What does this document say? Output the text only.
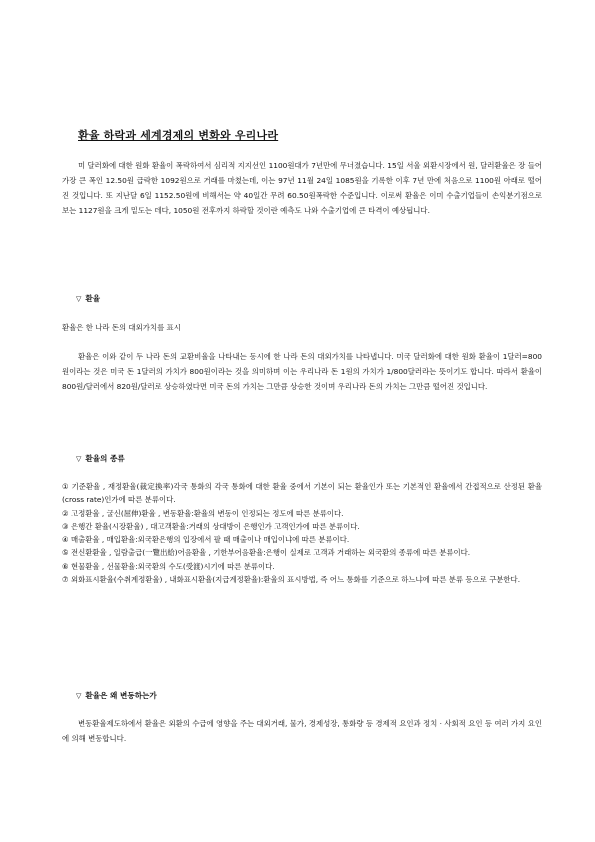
환율 하락과 세계경제의 변화와 우리나라

미 달러화에 대한 원화 환율이 폭락하여서 심리적 지지선인 1100원대가 7년만에 무너졌습니다. 15일 서울 외환시장에서 원, 달러환율은 장 들어 가장 큰 폭인 12.50원 급락한 1092원으로 거래를 마쳤는데, 이는 97년 11월 24일 1085원을 기록한 이후 7년 만에 처음으로 1100원 아래로 떨어진 것입니다. 또 지난달 6일 1152.50원에 비해서는 약 40일간 무려 60.50원폭락한 수준입니다. 이로써 환율은 이미 수출기업들이 손익분기점으로 보는 1127원을 크게 밑도는 데다, 1050원 전후까지 하락할 것이란 예측도 나와 수출기업에 큰 타격이 예상됩니다.

▽ 환율

환율은 한 나라 돈의 대외가치를 표시

환율은 이와 같이 두 나라 돈의 교환비율을 나타내는 동시에 한 나라 돈의 대외가치를 나타냅니다. 미국 달러화에 대한 원화 환율이 1달러=800원이라는 것은 미국 돈 1달러의 가치가 800원이라는 것을 의미하며 이는 우리나라 돈 1원의 가치가 1/800달러라는 뜻이기도 합니다. 따라서 환율이 800원/달러에서 820원/달러로 상승하였다면 미국 돈의 가치는 그만큼 상승한 것이며 우리나라 돈의 가치는 그만큼 떨어진 것입니다.

▽ 환율의 종류
① 기준환율 , 재정환율(裁定換率)각국 통화의 각국 통화에 대한 환율 중에서 기본이 되는 환율인가 또는 기본적인 환율에서 간접적으로 산정된 환율(cross rate)인가에 따른 분류이다.
② 고정환율 , 굴신(屈伸)환율 , 변동환율:환율의 변동이 인정되는 정도에 따른 분류이다.
③ 은행간 환율(시장환율) , 대고객환율:거래의 상대방이 은행인가 고객인가에 따른 분류이다.
④ 매출환율 , 매입환율:외국환은행의 입장에서 팔 때 매출이나 매입이냐에 따른 분류이다.
⑤ 전신환환율 , 일람출급(一覽出給)어음환율 , 기한부어음환율:은행이 실제로 고객과 거래하는 외국환의 종류에 따른 분류이다.
⑥ 현물환율 , 선물환율:외국환의 수도(受渡)시기에 따른 분류이다.
⑦ 외화표시환율(수취계정환율) , 내화표시환율(지급계정환율):환율의 표시방법, 즉 어느 통화를 기준으로 하느냐에 따른 분류 등으로 구분한다.
▽ 환율은 왜 변동하는가

변동환율제도하에서 환율은 외환의 수급에 영향을 주는 대외거래, 물가, 경제성장, 통화량 등 경제적 요인과 정치 · 사회적 요인 등 여러 가지 요인에 의해 변동합니다.
